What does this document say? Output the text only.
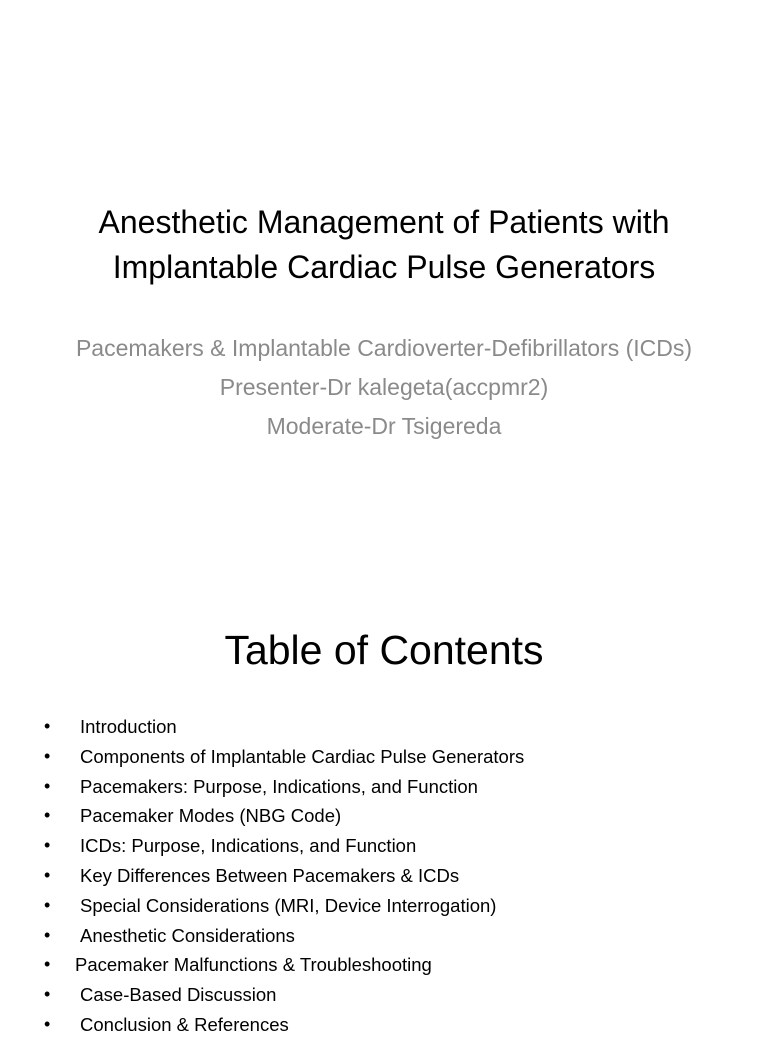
Anesthetic Management of Patients with Implantable Cardiac Pulse Generators

Pacemakers & Implantable Cardioverter-Defibrillators (ICDs)

Presenter-Dr kalegeta(accpmr2)

Moderate-Dr Tsigereda

Table of Contents
• Introduction
• Components of Implantable Cardiac Pulse Generators
• Pacemakers: Purpose, Indications, and Function
• Pacemaker Modes (NBG Code)
• ICDs: Purpose, Indications, and Function
• Key Differences Between Pacemakers & ICDs
• Special Considerations (MRI, Device Interrogation)
• Anesthetic Considerations
• Pacemaker Malfunctions & Troubleshooting
• Case-Based Discussion
• Conclusion & References
